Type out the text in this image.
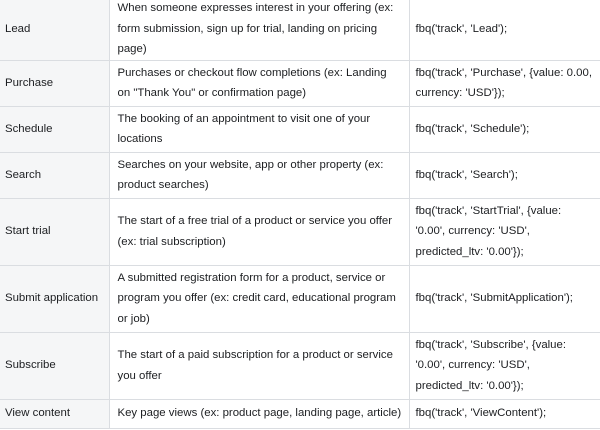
Lead	When someone expresses interest in your offering (ex: form submission, sign up for trial, landing on pricing page)	fbq('track', 'Lead');
Purchase	Purchases or checkout flow completions (ex: Landing on "Thank You" or confirmation page)	fbq('track', 'Purchase', {value: 0.00, currency: 'USD'});
Schedule	The booking of an appointment to visit one of your locations	fbq('track', 'Schedule');
Search	Searches on your website, app or other property (ex: product searches)	fbq('track', 'Search');
Start trial	The start of a free trial of a product or service you offer (ex: trial subscription)	fbq('track', 'StartTrial', {value: '0.00', currency: 'USD', predicted_ltv: '0.00'});
Submit application	A submitted registration form for a product, service or program you offer (ex: credit card, educational program or job)	fbq('track', 'SubmitApplication');
Subscribe	The start of a paid subscription for a product or service you offer	fbq('track', 'Subscribe', {value: '0.00', currency: 'USD', predicted_ltv: '0.00'});
View content	Key page views (ex: product page, landing page, article)	fbq('track', 'ViewContent');
